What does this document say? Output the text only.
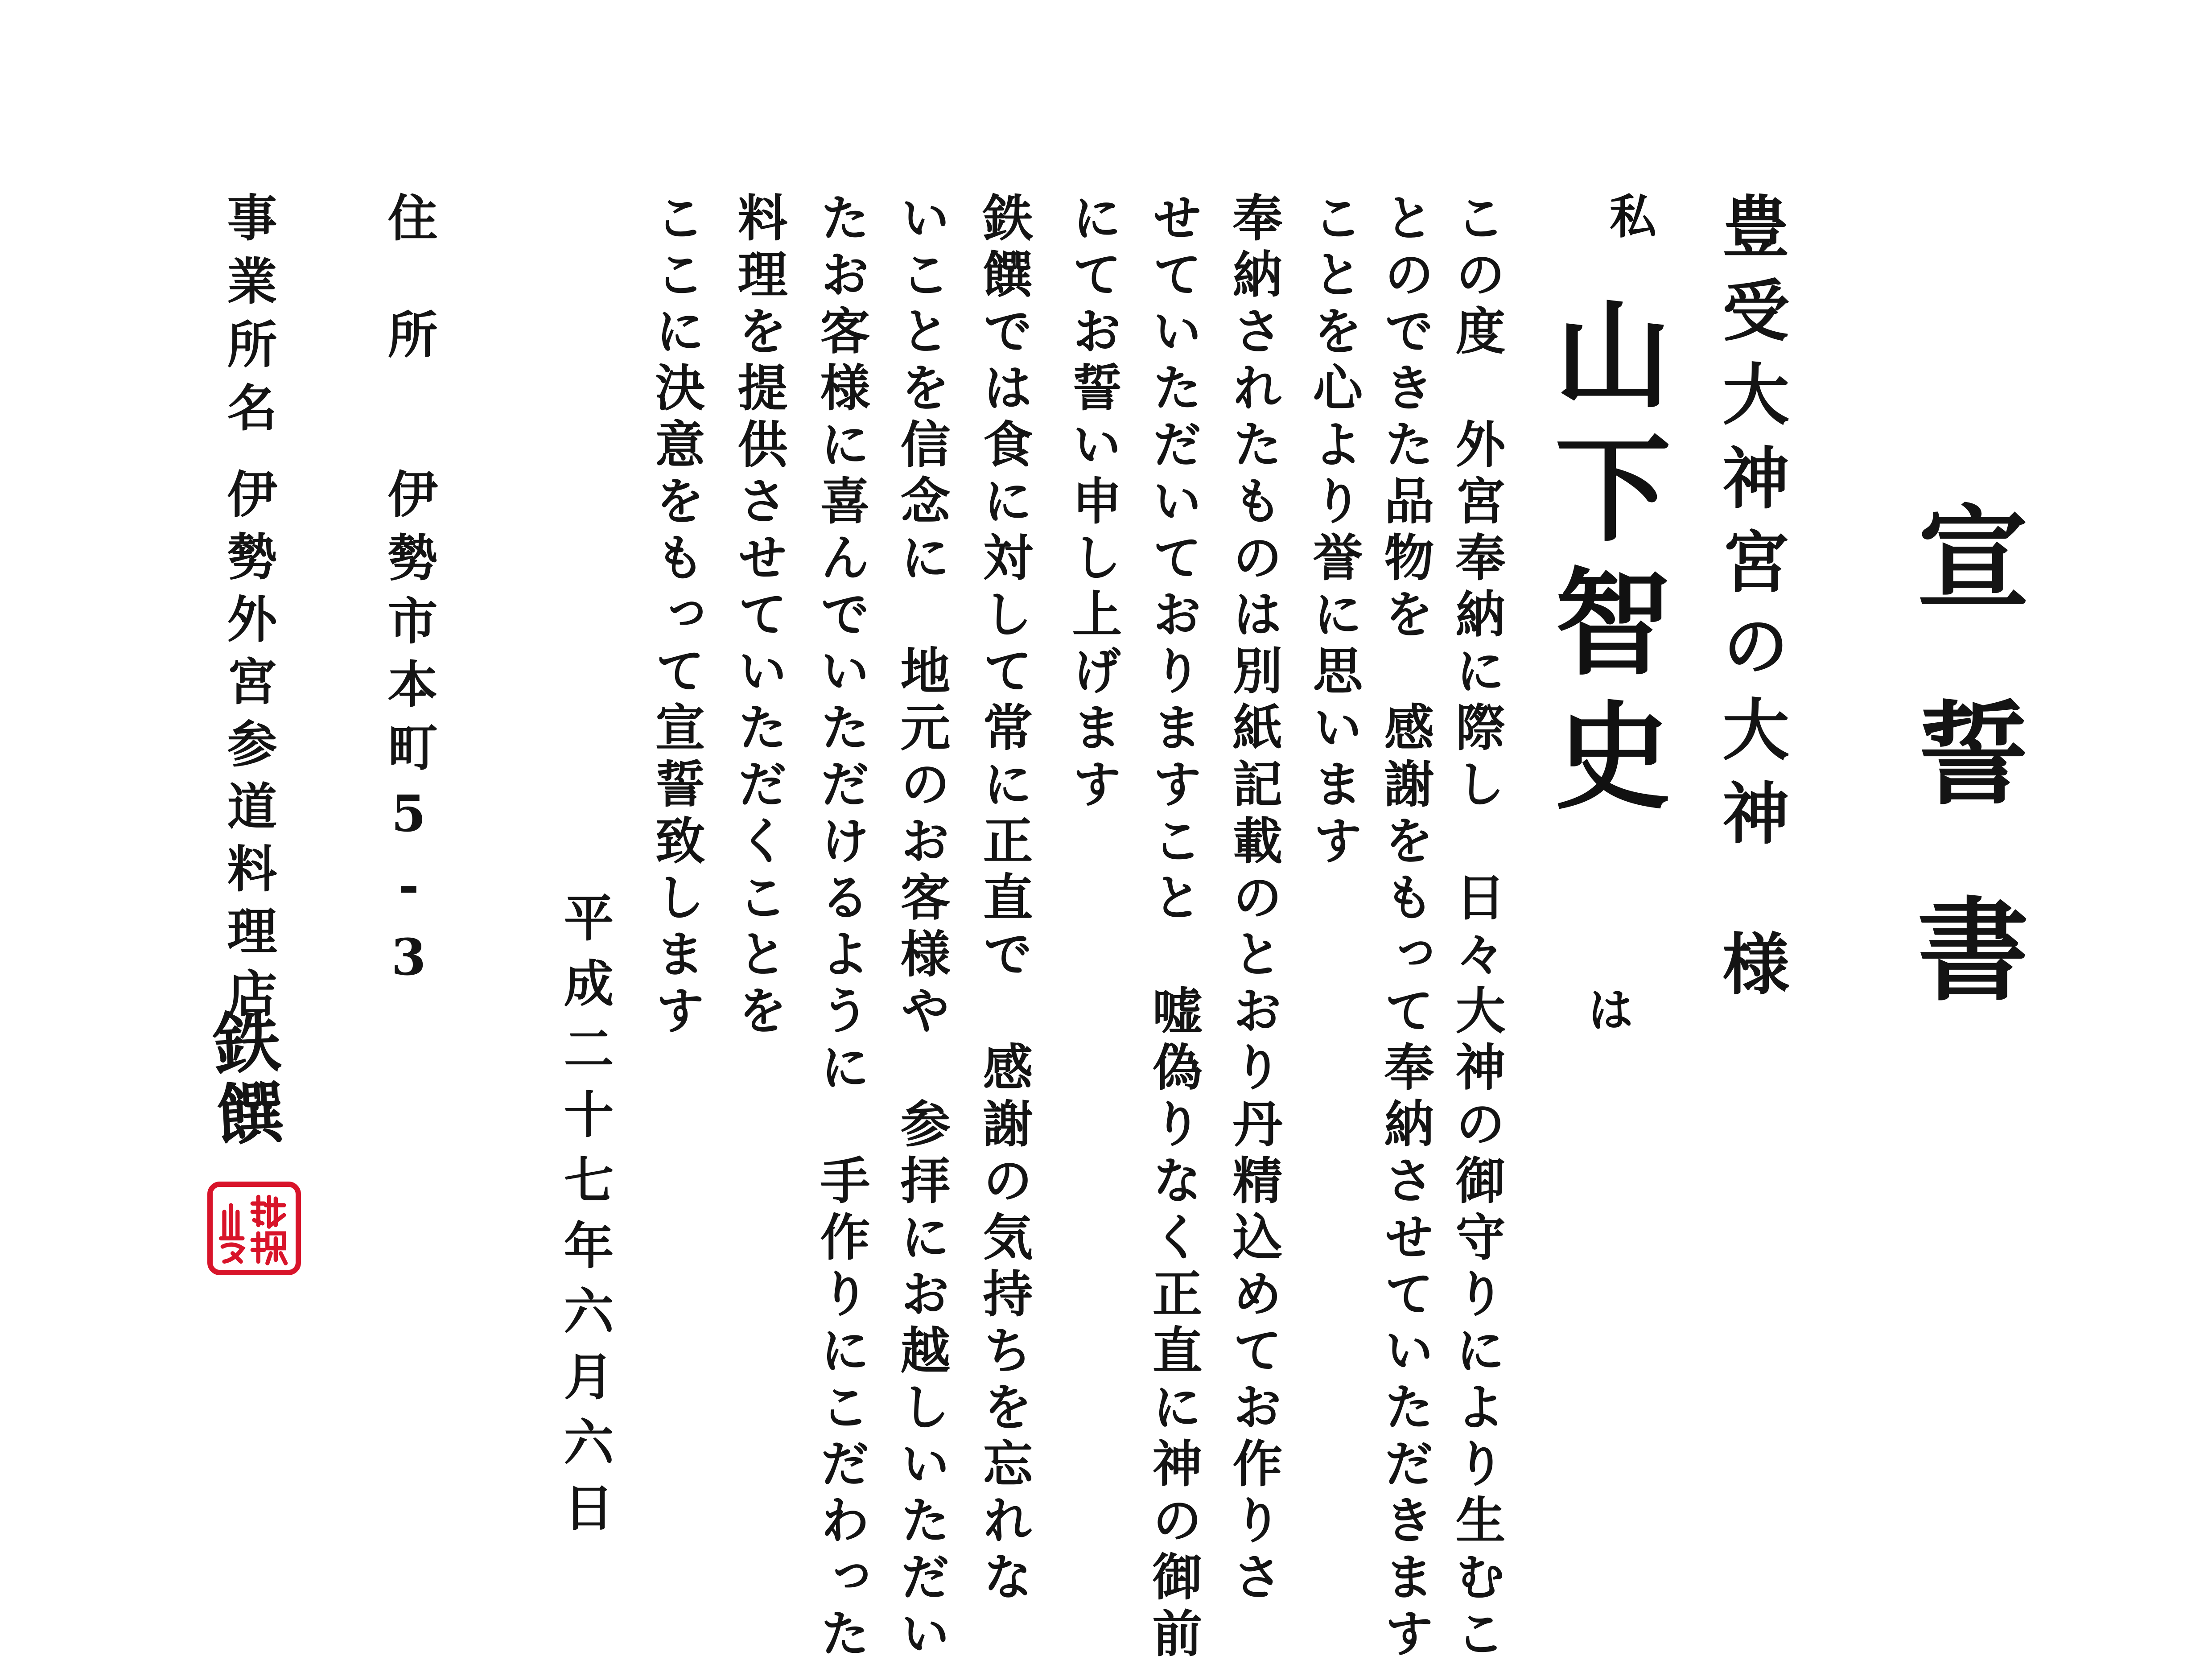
宣誓書
豊受大神宮の大神様
私
山下智史
は
この度　外宮奉納に際し　日々大神の御守りにより生むこ
とのできた品物を　感謝をもって奉納させていただきます
ことを心より誉に思います
奉納されたものは別紙記載のとおり丹精込めてお作りさ
せていただいておりますこと　嘘偽りなく正直に神の御前
にてお誓い申し上げます
鉄饌では食に対して常に正直で　感謝の気持ちを忘れな
いことを信念に　地元のお客様や　参拝にお越しいただい
たお客様に喜んでいただけるように　手作りにこだわった
料理を提供させていただくことを
ここに決意をもって宣誓致します
平成二十七年六月六日
住所
伊勢市本町5-3
事業所名
伊勢外宮参道料理店
鉄饌
